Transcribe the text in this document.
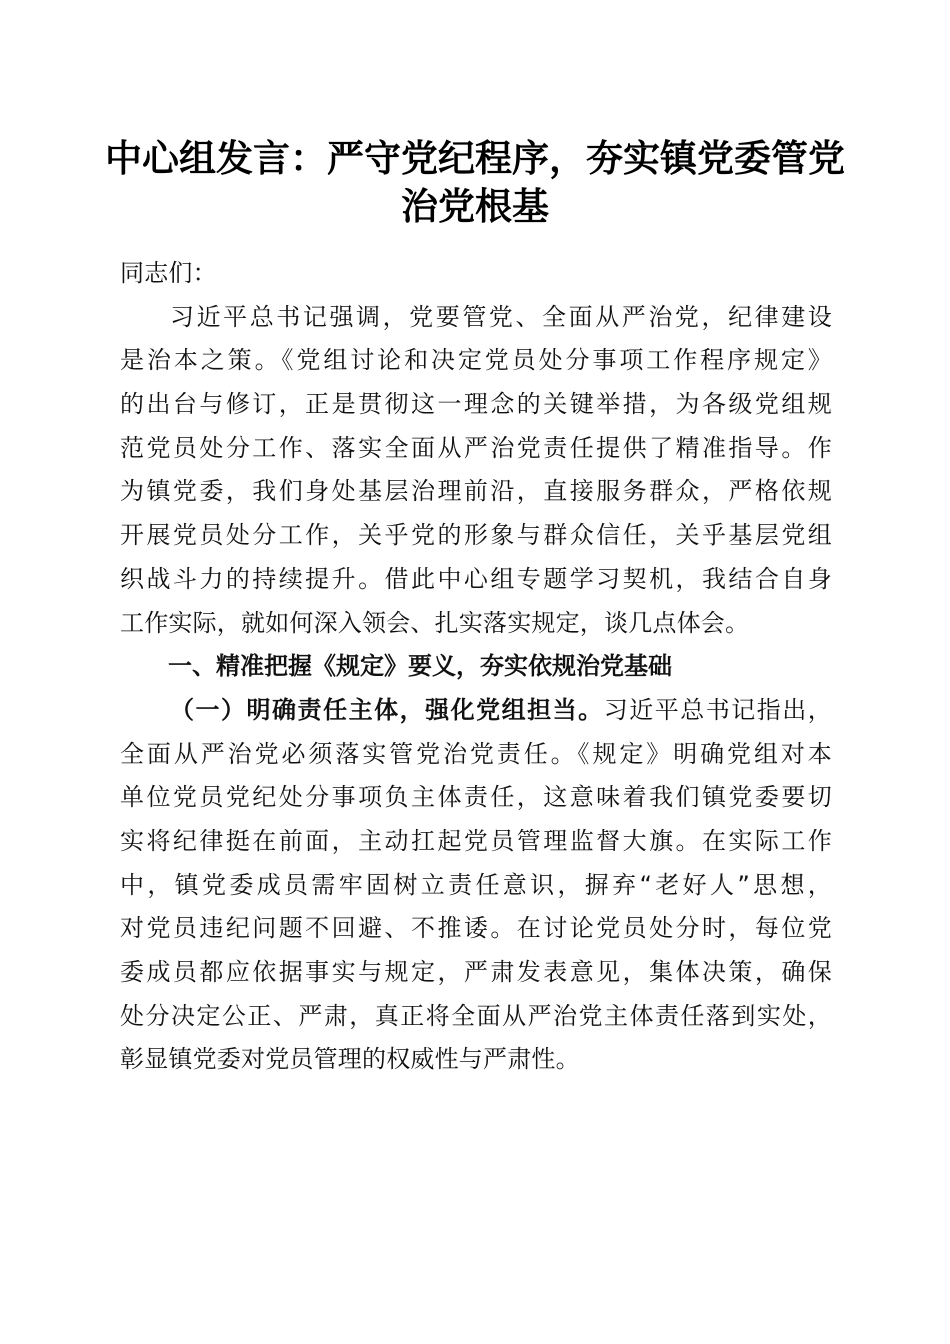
中心组发言：严守党纪程序，夯实镇党委管党
治党根基
同志们：
习近平总书记强调，党要管党、全面从严治党，纪律建设
是治本之策。《党组讨论和决定党员处分事项工作程序规定》
的出台与修订，正是贯彻这一理念的关键举措，为各级党组规
范党员处分工作、落实全面从严治党责任提供了精准指导。作
为镇党委，我们身处基层治理前沿，直接服务群众，严格依规
开展党员处分工作，关乎党的形象与群众信任，关乎基层党组
织战斗力的持续提升。借此中心组专题学习契机，我结合自身
工作实际，就如何深入领会、扎实落实规定，谈几点体会。
一、精准把握《规定》要义，夯实依规治党基础
（一）明确责任主体，强化党组担当。习近平总书记指出，
全面从严治党必须落实管党治党责任。《规定》明确党组对本
单位党员党纪处分事项负主体责任，这意味着我们镇党委要切
实将纪律挺在前面，主动扛起党员管理监督大旗。在实际工作
中，镇党委成员需牢固树立责任意识，摒弃“老好人”思想，
对党员违纪问题不回避、不推诿。在讨论党员处分时，每位党
委成员都应依据事实与规定，严肃发表意见，集体决策，确保
处分决定公正、严肃，真正将全面从严治党主体责任落到实处，
彰显镇党委对党员管理的权威性与严肃性。
